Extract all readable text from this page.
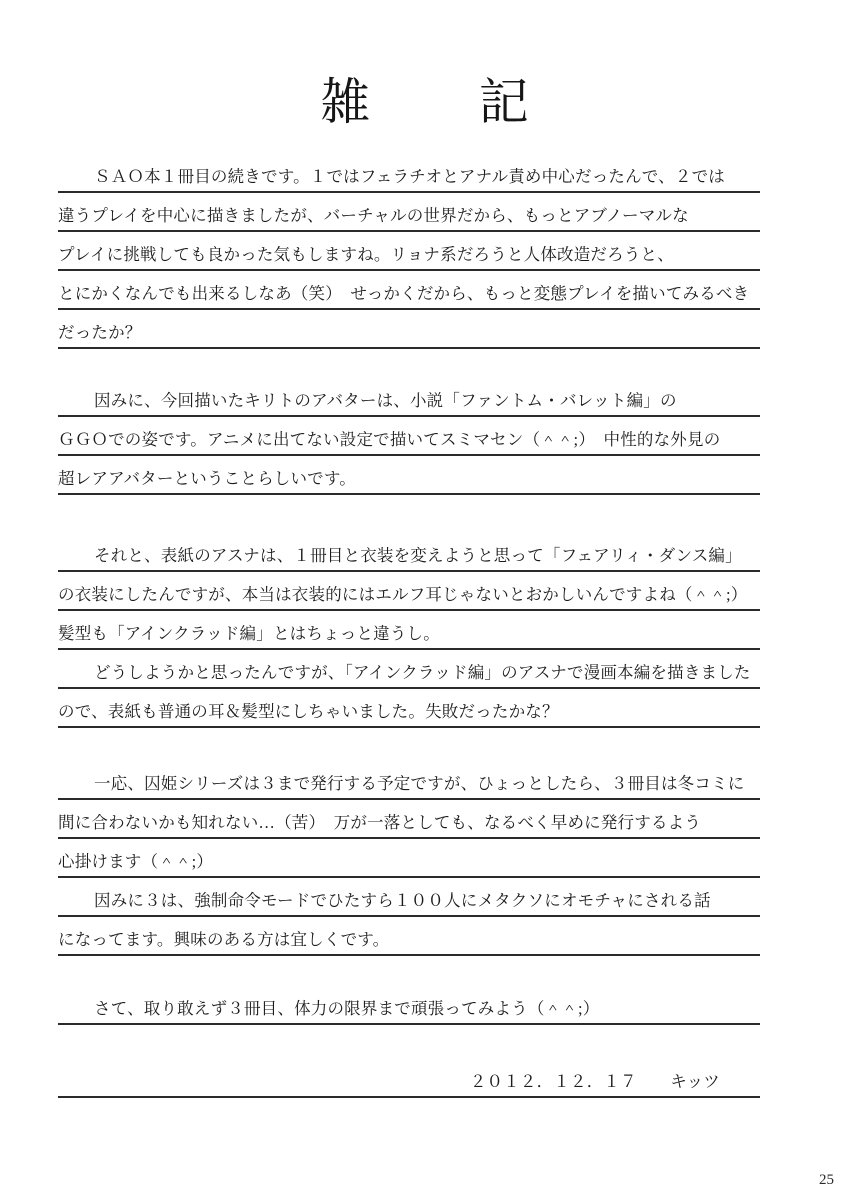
雑 記
ＳＡＯ本１冊目の続きです。１ではフェラチオとアナル責め中心だったんで、２では
違うプレイを中心に描きましたが、バーチャルの世界だから、もっとアブノーマルな
プレイに挑戦しても良かった気もしますね。リョナ系だろうと人体改造だろうと、
とにかくなんでも出来るしなあ（笑）　せっかくだから、もっと変態プレイを描いてみるべき
だったか？
因みに、今回描いたキリトのアバターは、小説「ファントム・バレット編」の
ＧＧＯでの姿です。アニメに出てない設定で描いてスミマセン（＾＾;）　中性的な外見の
超レアアバターということらしいです。
それと、表紙のアスナは、１冊目と衣装を変えようと思って「フェアリィ・ダンス編」
の衣装にしたんですが、本当は衣装的にはエルフ耳じゃないとおかしいんですよね（＾＾;）
髪型も「アインクラッド編」とはちょっと違うし。
どうしようかと思ったんですが、「アインクラッド編」のアスナで漫画本編を描きました
ので、表紙も普通の耳＆髪型にしちゃいました。失敗だったかな？
一応、囚姫シリーズは３まで発行する予定ですが、ひょっとしたら、３冊目は冬コミに
間に合わないかも知れない…（苦）　万が一落としても、なるべく早めに発行するよう
心掛けます（＾＾;）
因みに３は、強制命令モードでひたすら１００人にメタクソにオモチャにされる話
になってます。興味のある方は宜しくです。
さて、取り敢えず３冊目、体力の限界まで頑張ってみよう（＾＾;）
２０１２．１２．１７　　キッツ
25
